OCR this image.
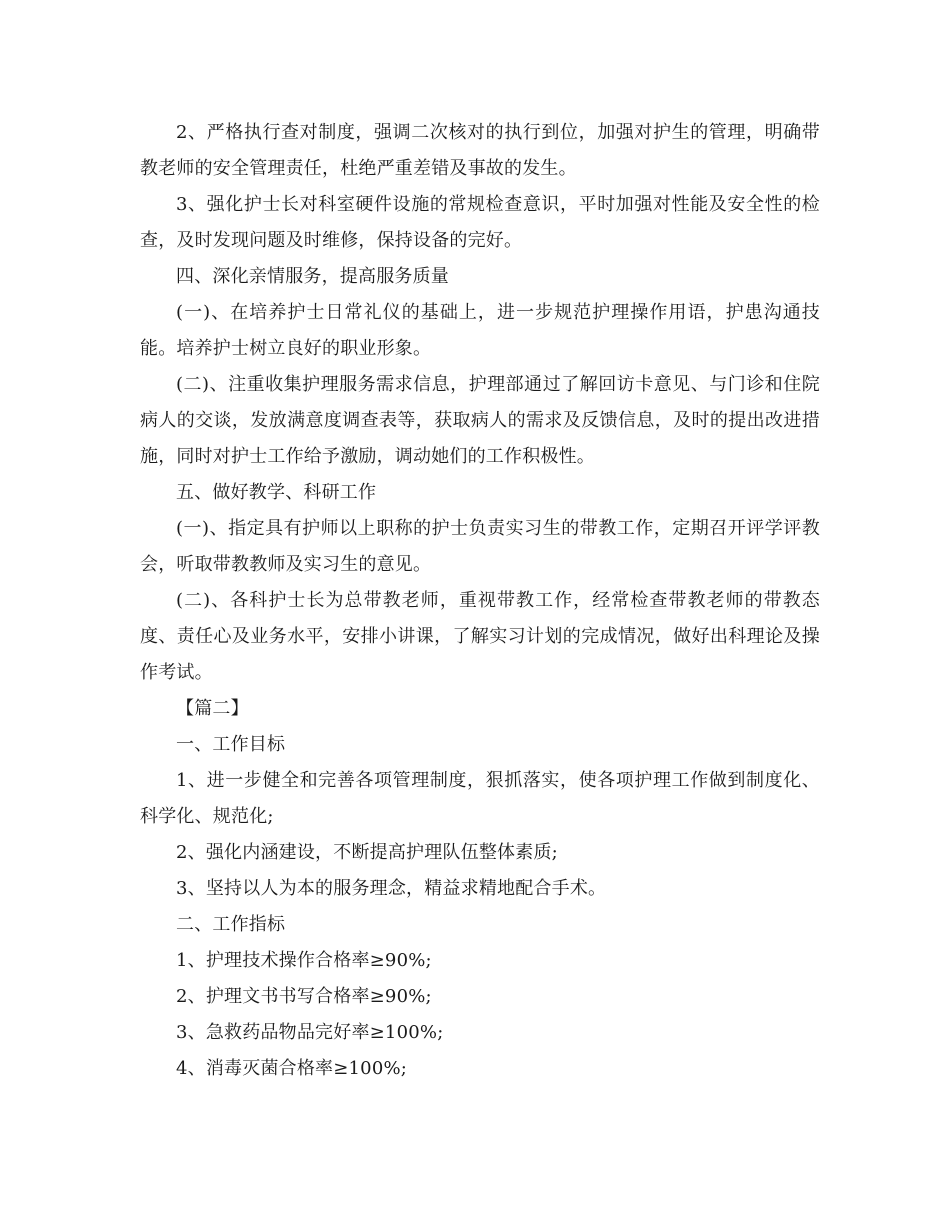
2、严格执行查对制度，强调二次核对的执行到位，加强对护生的管理，明确带教老师的安全管理责任，杜绝严重差错及事故的发生。

3、强化护士长对科室硬件设施的常规检查意识，平时加强对性能及安全性的检查，及时发现问题及时维修，保持设备的完好。

四、深化亲情服务，提高服务质量

(一)、在培养护士日常礼仪的基础上，进一步规范护理操作用语，护患沟通技能。培养护士树立良好的职业形象。

(二)、注重收集护理服务需求信息，护理部通过了解回访卡意见、与门诊和住院病人的交谈，发放满意度调查表等，获取病人的需求及反馈信息，及时的提出改进措施，同时对护士工作给予激励，调动她们的工作积极性。

五、做好教学、科研工作

(一)、指定具有护师以上职称的护士负责实习生的带教工作，定期召开评学评教会，听取带教教师及实习生的意见。

(二)、各科护士长为总带教老师，重视带教工作，经常检查带教老师的带教态度、责任心及业务水平，安排小讲课，了解实习计划的完成情况，做好出科理论及操作考试。

【篇二】

一、工作目标

1、进一步健全和完善各项管理制度，狠抓落实，使各项护理工作做到制度化、科学化、规范化;

2、强化内涵建设，不断提高护理队伍整体素质;

3、坚持以人为本的服务理念，精益求精地配合手术。

二、工作指标

1、护理技术操作合格率≥90%;

2、护理文书书写合格率≥90%;

3、急救药品物品完好率≥100%;

4、消毒灭菌合格率≥100%;
